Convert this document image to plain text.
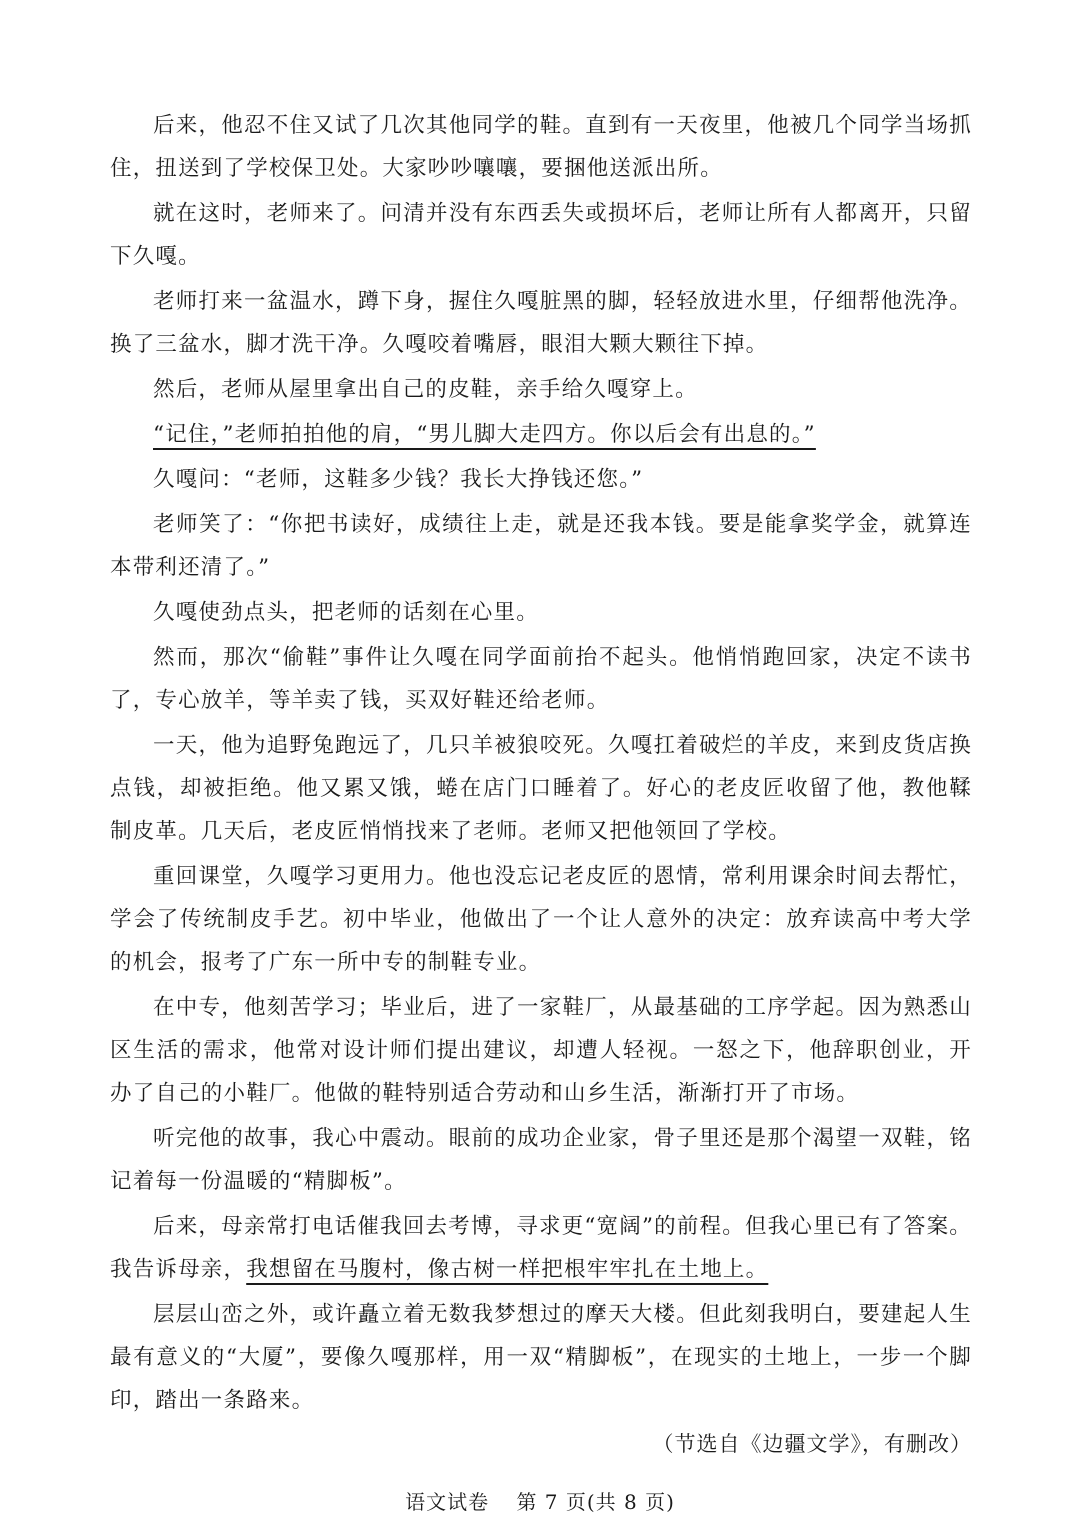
后来，他忍不住又试了几次其他同学的鞋。直到有一天夜里，他被几个同学当场抓住，扭送到了学校保卫处。大家吵吵嚷嚷，要捆他送派出所。

就在这时，老师来了。问清并没有东西丢失或损坏后，老师让所有人都离开，只留下久嘎。

老师打来一盆温水，蹲下身，握住久嘎脏黑的脚，轻轻放进水里，仔细帮他洗净。换了三盆水，脚才洗干净。久嘎咬着嘴唇，眼泪大颗大颗往下掉。

然后，老师从屋里拿出自己的皮鞋，亲手给久嘎穿上。

“记住，”老师拍拍他的肩，“男儿脚大走四方。你以后会有出息的。”

久嘎问：“老师，这鞋多少钱？我长大挣钱还您。”

老师笑了：“你把书读好，成绩往上走，就是还我本钱。要是能拿奖学金，就算连本带利还清了。”

久嘎使劲点头，把老师的话刻在心里。

然而，那次“偷鞋”事件让久嘎在同学面前抬不起头。他悄悄跑回家，决定不读书了，专心放羊，等羊卖了钱，买双好鞋还给老师。

一天，他为追野兔跑远了，几只羊被狼咬死。久嘎扛着破烂的羊皮，来到皮货店换点钱，却被拒绝。他又累又饿，蜷在店门口睡着了。好心的老皮匠收留了他，教他鞣制皮革。几天后，老皮匠悄悄找来了老师。老师又把他领回了学校。

重回课堂，久嘎学习更用力。他也没忘记老皮匠的恩情，常利用课余时间去帮忙，学会了传统制皮手艺。初中毕业，他做出了一个让人意外的决定：放弃读高中考大学的机会，报考了广东一所中专的制鞋专业。

在中专，他刻苦学习；毕业后，进了一家鞋厂，从最基础的工序学起。因为熟悉山区生活的需求，他常对设计师们提出建议，却遭人轻视。一怒之下，他辞职创业，开办了自己的小鞋厂。他做的鞋特别适合劳动和山乡生活，渐渐打开了市场。

听完他的故事，我心中震动。眼前的成功企业家，骨子里还是那个渴望一双鞋，铭记着每一份温暖的“精脚板”。

后来，母亲常打电话催我回去考博，寻求更“宽阔”的前程。但我心里已有了答案。我告诉母亲，我想留在马腹村，像古树一样把根牢牢扎在土地上。

层层山峦之外，或许矗立着无数我梦想过的摩天大楼。但此刻我明白，要建起人生最有意义的“大厦”，要像久嘎那样，用一双“精脚板”，在现实的土地上，一步一个脚印，踏出一条路来。

（节选自《边疆文学》，有删改）
语文试卷 第 7 页(共 8 页)
